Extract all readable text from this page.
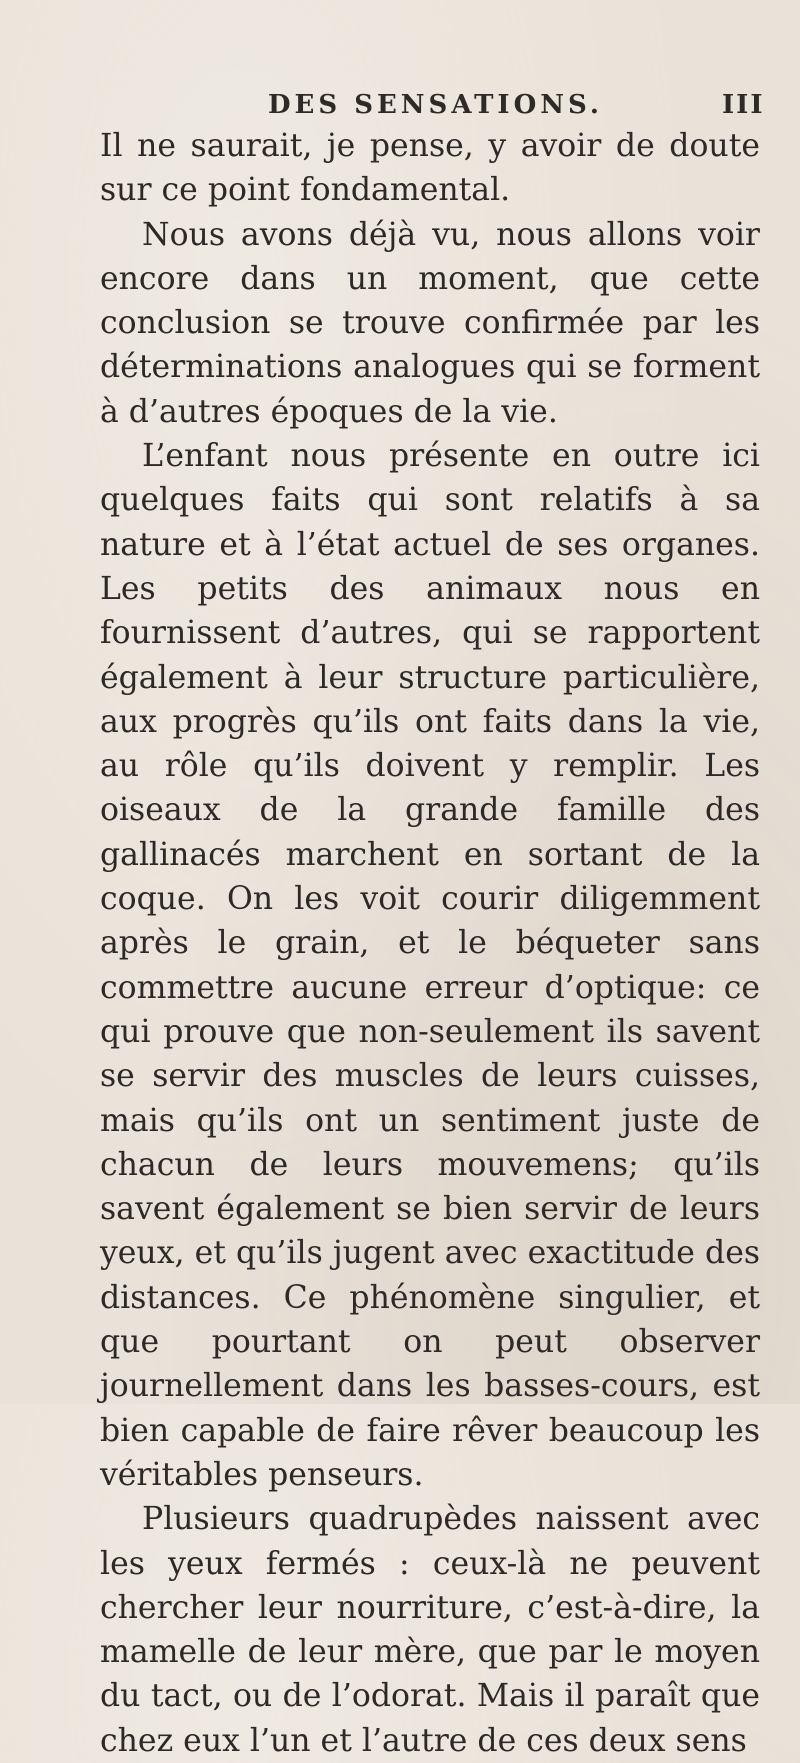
DES SENSATIONS.	III

Il ne saurait, je pense, y avoir de doute sur ce point fondamental.

Nous avons déjà vu, nous allons voir encore dans un moment, que cette conclusion se trouve confirmée par les déterminations analogues qui se forment à d’autres époques de la vie.

L’enfant nous présente en outre ici quelques faits qui sont relatifs à sa nature et à l’état actuel de ses organes. Les petits des animaux nous en fournissent d’autres, qui se rapportent également à leur structure particulière, aux progrès qu’ils ont faits dans la vie, au rôle qu’ils doivent y remplir. Les oiseaux de la grande famille des gallinacés marchent en sortant de la coque. On les voit courir diligemment après le grain, et le béqueter sans commettre aucune erreur d’optique: ce qui prouve que non-seulement ils savent se servir des muscles de leurs cuisses, mais qu’ils ont un sentiment juste de chacun de leurs mouvemens; qu’ils savent également se bien servir de leurs yeux, et qu’ils jugent avec exactitude des distances. Ce phénomène singulier, et que pourtant on peut observer journellement dans les basses-cours, est bien capable de faire rêver beaucoup les véritables penseurs.

Plusieurs quadrupèdes naissent avec les yeux fermés : ceux-là ne peuvent chercher leur nourriture, c’est-à-dire, la mamelle de leur mère, que par le moyen du tact, ou de l’odorat. Mais il paraît que chez eux l’un et l’autre de ces deux sens
